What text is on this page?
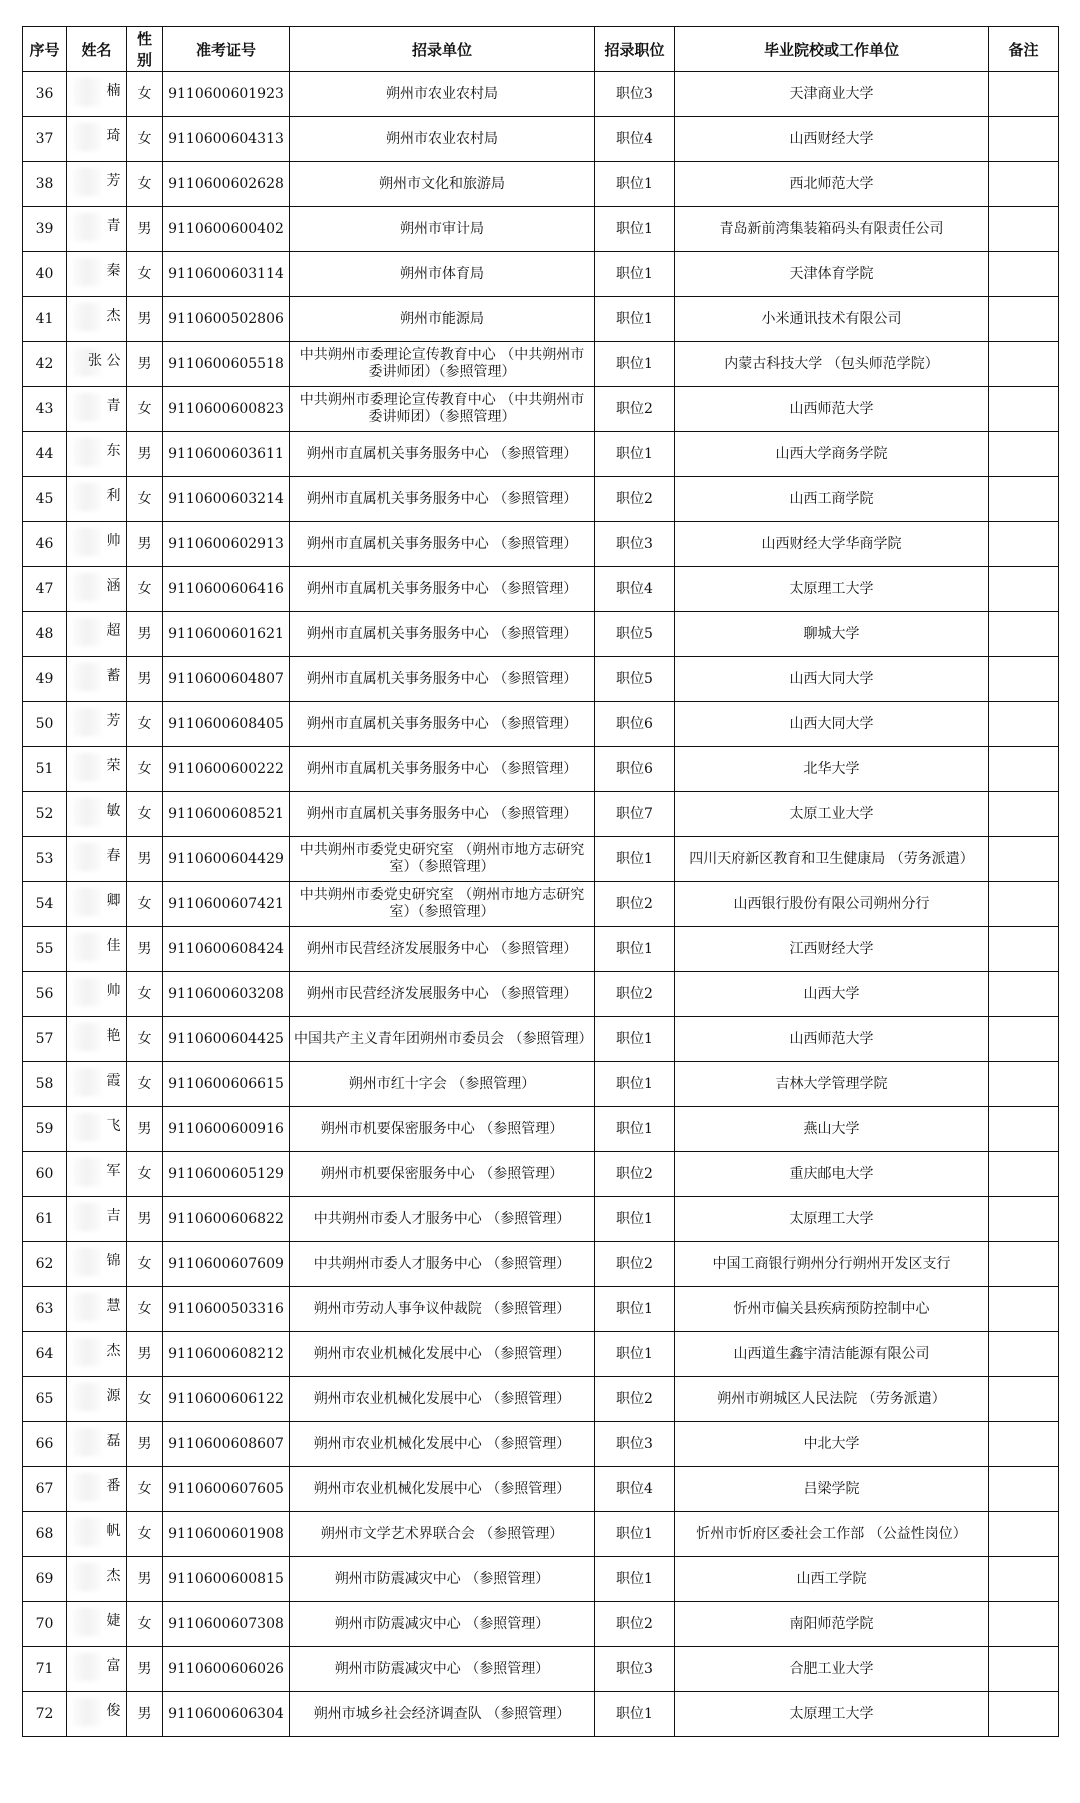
序号	姓名	性别	准考证号	招录单位	招录职位	毕业院校或工作单位	备注
36	楠	女	9110600601923	朔州市农业农村局	职位3	天津商业大学	
37	琦	女	9110600604313	朔州市农业农村局	职位4	山西财经大学	
38	芳	女	9110600602628	朔州市文化和旅游局	职位1	西北师范大学	
39	青	男	9110600600402	朔州市审计局	职位1	青岛新前湾集装箱码头有限责任公司	
40	秦	女	9110600603114	朔州市体育局	职位1	天津体育学院	
41	杰	男	9110600502806	朔州市能源局	职位1	小米通讯技术有限公司	
42	张 公	男	9110600605518	中共朔州市委理论宣传教育中心 （中共朔州市委讲师团）（参照管理）	职位1	内蒙古科技大学 （包头师范学院）	
43	青	女	9110600600823	中共朔州市委理论宣传教育中心 （中共朔州市委讲师团）（参照管理）	职位2	山西师范大学	
44	东	男	9110600603611	朔州市直属机关事务服务中心 （参照管理）	职位1	山西大学商务学院	
45	利	女	9110600603214	朔州市直属机关事务服务中心 （参照管理）	职位2	山西工商学院	
46	帅	男	9110600602913	朔州市直属机关事务服务中心 （参照管理）	职位3	山西财经大学华商学院	
47	涵	女	9110600606416	朔州市直属机关事务服务中心 （参照管理）	职位4	太原理工大学	
48	超	男	9110600601621	朔州市直属机关事务服务中心 （参照管理）	职位5	聊城大学	
49	蓄	男	9110600604807	朔州市直属机关事务服务中心 （参照管理）	职位5	山西大同大学	
50	芳	女	9110600608405	朔州市直属机关事务服务中心 （参照管理）	职位6	山西大同大学	
51	荣	女	9110600600222	朔州市直属机关事务服务中心 （参照管理）	职位6	北华大学	
52	敏	女	9110600608521	朔州市直属机关事务服务中心 （参照管理）	职位7	太原工业大学	
53	春	男	9110600604429	中共朔州市委党史研究室 （朔州市地方志研究室）（参照管理）	职位1	四川天府新区教育和卫生健康局 （劳务派遣）	
54	卿	女	9110600607421	中共朔州市委党史研究室 （朔州市地方志研究室）（参照管理）	职位2	山西银行股份有限公司朔州分行	
55	佳	男	9110600608424	朔州市民营经济发展服务中心 （参照管理）	职位1	江西财经大学	
56	帅	女	9110600603208	朔州市民营经济发展服务中心 （参照管理）	职位2	山西大学	
57	艳	女	9110600604425	中国共产主义青年团朔州市委员会 （参照管理）	职位1	山西师范大学	
58	霞	女	9110600606615	朔州市红十字会 （参照管理）	职位1	吉林大学管理学院	
59	飞	男	9110600600916	朔州市机要保密服务中心 （参照管理）	职位1	燕山大学	
60	军	女	9110600605129	朔州市机要保密服务中心 （参照管理）	职位2	重庆邮电大学	
61	吉	男	9110600606822	中共朔州市委人才服务中心 （参照管理）	职位1	太原理工大学	
62	锦	女	9110600607609	中共朔州市委人才服务中心 （参照管理）	职位2	中国工商银行朔州分行朔州开发区支行	
63	慧	女	9110600503316	朔州市劳动人事争议仲裁院 （参照管理）	职位1	忻州市偏关县疾病预防控制中心	
64	杰	男	9110600608212	朔州市农业机械化发展中心 （参照管理）	职位1	山西道生鑫宇清洁能源有限公司	
65	源	女	9110600606122	朔州市农业机械化发展中心 （参照管理）	职位2	朔州市朔城区人民法院 （劳务派遣）	
66	磊	男	9110600608607	朔州市农业机械化发展中心 （参照管理）	职位3	中北大学	
67	番	女	9110600607605	朔州市农业机械化发展中心 （参照管理）	职位4	吕梁学院	
68	帆	女	9110600601908	朔州市文学艺术界联合会 （参照管理）	职位1	忻州市忻府区委社会工作部 （公益性岗位）	
69	杰	男	9110600600815	朔州市防震减灾中心 （参照管理）	职位1	山西工学院	
70	婕	女	9110600607308	朔州市防震减灾中心 （参照管理）	职位2	南阳师范学院	
71	富	男	9110600606026	朔州市防震减灾中心 （参照管理）	职位3	合肥工业大学	
72	俊	男	9110600606304	朔州市城乡社会经济调查队 （参照管理）	职位1	太原理工大学	
